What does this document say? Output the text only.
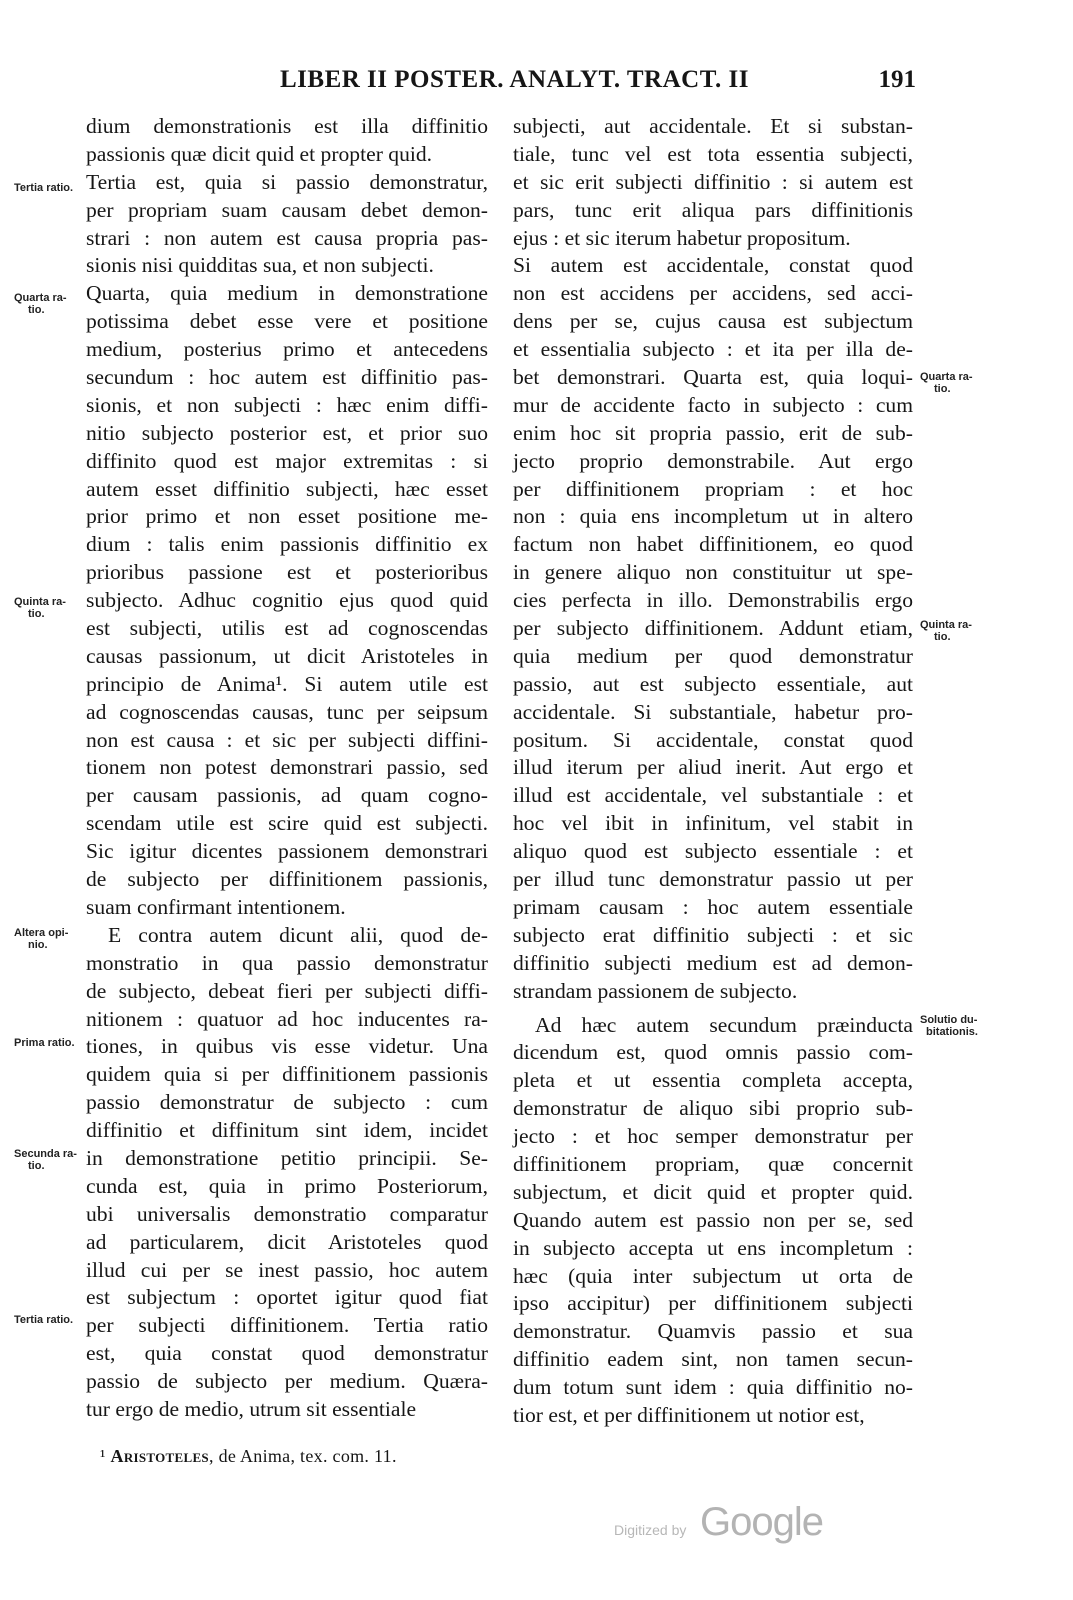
LIBER II POSTER. ANALYT. TRACT. II	191
dium demonstrationis est illa diffinitio
passionis quæ dicit quid et propter quid.
Tertia est, quia si passio demonstratur,
per propriam suam causam debet demon-
strari : non autem est causa propria pas-
sionis nisi quidditas sua, et non subjecti.
Quarta, quia medium in demonstratione
potissima debet esse vere et positione
medium, posterius primo et antecedens
secundum : hoc autem est diffinitio pas-
sionis, et non subjecti : hæc enim diffi-
nitio subjecto posterior est, et prior suo
diffinito quod est major extremitas : si
autem esset diffinitio subjecti, hæc esset
prior primo et non esset positione me-
dium : talis enim passionis diffinitio ex
prioribus passione est et posterioribus
subjecto. Adhuc cognitio ejus quod quid
est subjecti, utilis est ad cognoscendas
causas passionum, ut dicit Aristoteles in
principio de Anima¹. Si autem utile est
ad cognoscendas causas, tunc per seipsum
non est causa : et sic per subjecti diffini-
tionem non potest demonstrari passio, sed
per causam passionis, ad quam cogno-
scendam utile est scire quid est subjecti.
Sic igitur dicentes passionem demonstrari
de subjecto per diffinitionem passionis,
suam confirmant intentionem.
E contra autem dicunt alii, quod de-
monstratio in qua passio demonstratur
de subjecto, debeat fieri per subjecti diffi-
nitionem : quatuor ad hoc inducentes ra-
tiones, in quibus vis esse videtur. Una
quidem quia si per diffinitionem passionis
passio demonstratur de subjecto : cum
diffinitio et diffinitum sint idem, incidet
in demonstratione petitio principii. Se-
cunda est, quia in primo Posteriorum,
ubi universalis demonstratio comparatur
ad particularem, dicit Aristoteles quod
illud cui per se inest passio, hoc autem
est subjectum : oportet igitur quod fiat
per subjecti diffinitionem. Tertia ratio
est, quia constat quod demonstratur
passio de subjecto per medium. Quæra-
tur ergo de medio, utrum sit essentiale
subjecti, aut accidentale. Et si substan-
tiale, tunc vel est tota essentia subjecti,
et sic erit subjecti diffinitio : si autem est
pars, tunc erit aliqua pars diffinitionis
ejus : et sic iterum habetur propositum.
Si autem est accidentale, constat quod
non est accidens per accidens, sed acci-
dens per se, cujus causa est subjectum
et essentialia subjecto : et ita per illa de-
bet demonstrari. Quarta est, quia loqui-
mur de accidente facto in subjecto : cum
enim hoc sit propria passio, erit de sub-
jecto proprio demonstrabile. Aut ergo
per diffinitionem propriam : et hoc
non : quia ens incompletum ut in altero
factum non habet diffinitionem, eo quod
in genere aliquo non constituitur ut spe-
cies perfecta in illo. Demonstrabilis ergo
per subjecto diffinitionem. Addunt etiam,
quia medium per quod demonstratur
passio, aut est subjecto essentiale, aut
accidentale. Si substantiale, habetur pro-
positum. Si accidentale, constat quod
illud iterum per aliud inerit. Aut ergo et
illud est accidentale, vel substantiale : et
hoc vel ibit in infinitum, vel stabit in
aliquo quod est subjecto essentiale : et
per illud tunc demonstratur passio ut per
primam causam : hoc autem essentiale
subjecto erat diffinitio subjecti : et sic
diffinitio subjecti medium est ad demon-
strandam passionem de subjecto.
Ad hæc autem secundum præinducta
dicendum est, quod omnis passio com-
pleta et ut essentia completa accepta,
demonstratur de aliquo sibi proprio sub-
jecto : et hoc semper demonstratur per
diffinitionem propriam, quæ concernit
subjectum, et dicit quid et propter quid.
Quando autem est passio non per se, sed
in subjecto accepta ut ens incompletum :
hæc (quia inter subjectum ut orta de
ipso accipitur) per diffinitionem subjecti
demonstratur. Quamvis passio et sua
diffinitio eadem sint, non tamen secun-
dum totum sunt idem : quia diffinitio no-
tior est, et per diffinitionem ut notior est,
Tertia ratio.
Quarta ra-
tio.
Quinta ra-
tio.
Altera opi-
nio.
Prima ratio.
Secunda ra-
tio.
Tertia ratio.
Quarta ra-
tio.
Quinta ra-
tio.
Solutio du-
bitationis.
¹ Aristoteles, de Anima, tex. com. 11.
Digitized by Google
